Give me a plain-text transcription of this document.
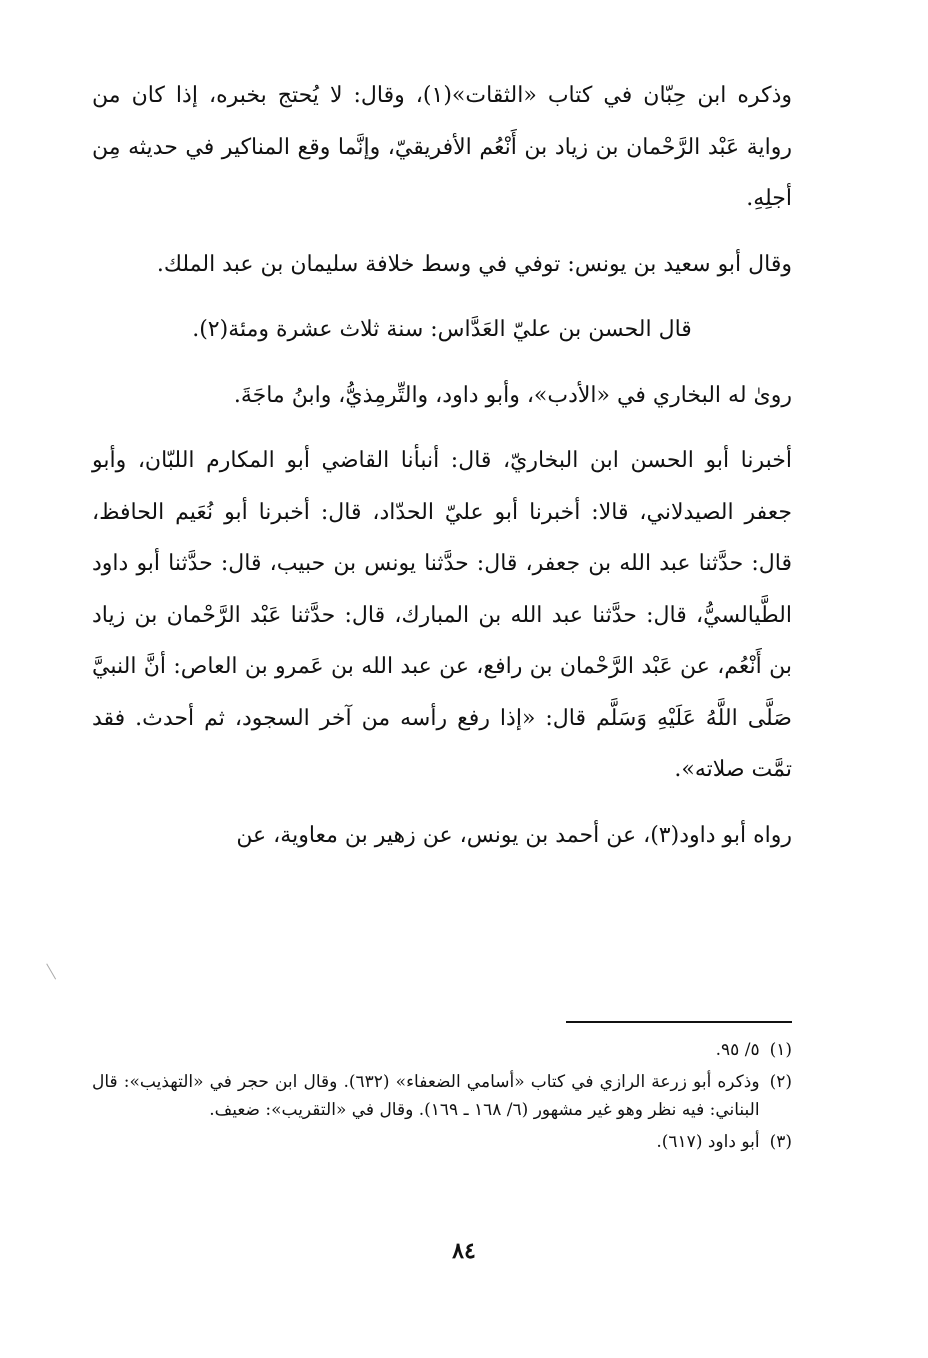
وذكره ابن حِبّان في كتاب «الثقات»(١)، وقال: لا يُحتج بخبره، إذا كان من رواية عَبْد الرَّحْمان بن زياد بن أَنْعُم الأفريقيّ، وإنَّما وقع المناكير في حديثه مِن أجلِهِ.

وقال أبو سعيد بن يونس: توفي في وسط خلافة سليمان بن عبد الملك.

قال الحسن بن عليّ العَدَّاس: سنة ثلاث عشرة ومئة(٢).

روىٰ له البخاري في «الأدب»، وأبو داود، والتِّرمِذيُّ، وابنُ ماجَةَ.

أخبرنا أبو الحسن ابن البخاريّ، قال: أنبأنا القاضي أبو المكارم اللبّان، وأبو جعفر الصيدلاني، قالا: أخبرنا أبو عليّ الحدّاد، قال: أخبرنا أبو نُعَيم الحافظ، قال: حدَّثنا عبد الله بن جعفر، قال: حدَّثنا يونس بن حبيب، قال: حدَّثنا أبو داود الطَّيالسيُّ، قال: حدَّثنا عبد الله بن المبارك، قال: حدَّثنا عَبْد الرَّحْمان بن زياد بن أَنْعُم، عن عَبْد الرَّحْمان بن رافع، عن عبد الله بن عَمرو بن العاص: أنَّ النبيَّ صَلَّى اللَّهُ عَلَيْهِ وَسَلَّم قال: «إذا رفع رأسه من آخر السجود، ثم أحدث. فقد تمَّت صلاته».

رواه أبو داود(٣)، عن أحمد بن يونس، عن زهير بن معاوية، عن

(١)
٥/ ٩٥.
(٢)
وذكره أبو زرعة الرازي في كتاب «أسامي الضعفاء» (٦٣٢). وقال ابن حجر في «التهذيب»: قال البناني: فيه نظر وهو غير مشهور (٦/ ١٦٨ ـ ١٦٩). وقال في «التقريب»: ضعيف.
(٣)
أبو داود (٦١٧).
٨٤
